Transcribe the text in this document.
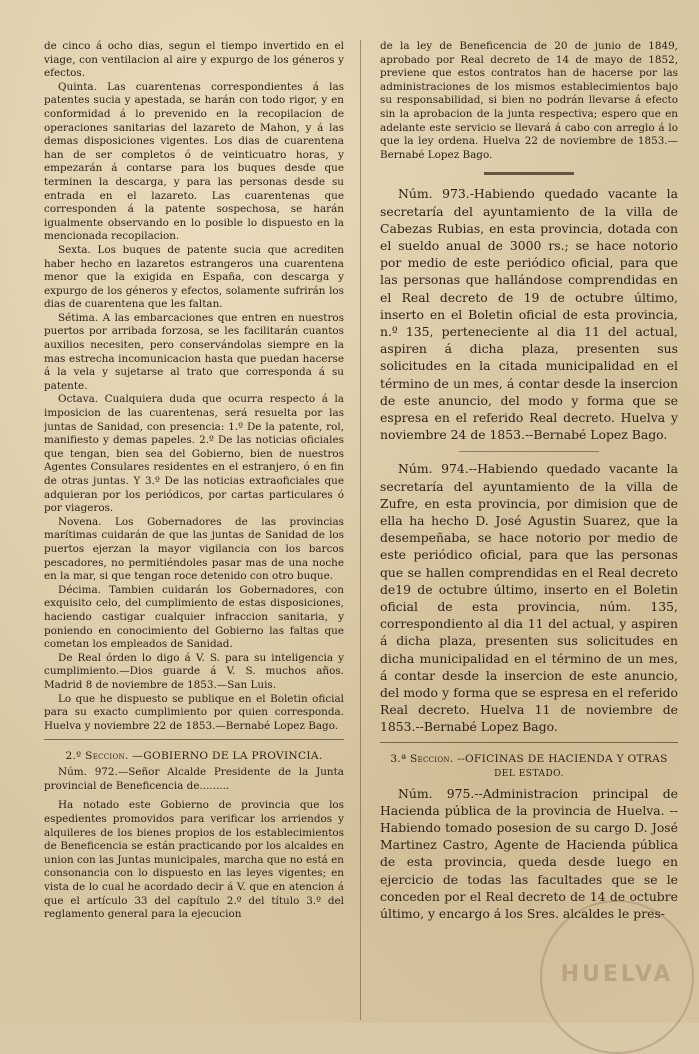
de cinco á ocho dias, segun el tiempo invertido en el viage, con ventilacion al aire y expurgo de los géneros y efectos.

Quinta. Las cuarentenas correspondientes á las patentes sucia y apestada, se harán con todo rigor, y en conformidad á lo prevenido en la recopilacion de operaciones sanitarias del lazareto de Mahon, y á las demas disposiciones vigentes. Los dias de cuarentena han de ser completos ó de veinticuatro horas, y empezarán á contarse para los buques desde que terminen la descarga, y para las personas desde su entrada en el lazareto. Las cuarentenas que corresponden á la patente sospechosa, se harán igualmente observando en lo posible lo dispuesto en la mencionada recopilacion.

Sexta. Los buques de patente sucia que acrediten haber hecho en lazaretos estrangeros una cuarentena menor que la exigida en España, con descarga y expurgo de los géneros y efectos, solamente sufrirán los dias de cuarentena que les faltan.

Sétima. A las embarcaciones que entren en nuestros puertos por arribada forzosa, se les facilitarán cuantos auxilios necesiten, pero conservándolas siempre en la mas estrecha incomunicacion hasta que puedan hacerse á la vela y sujetarse al trato que corresponda á su patente.

Octava. Cualquiera duda que ocurra respecto á la imposicion de las cuarentenas, será resuelta por las juntas de Sanidad, con presencia: 1.º De la patente, rol, manifiesto y demas papeles. 2.º De las noticias oficiales que tengan, bien sea del Gobierno, bien de nuestros Agentes Consulares residentes en el estranjero, ó en fin de otras juntas. Y 3.º De las noticias extraoficiales que adquieran por los periódicos, por cartas particulares ó por viageros.

Novena. Los Gobernadores de las provincias marítimas cuidarán de que las juntas de Sanidad de los puertos ejerzan la mayor vigilancia con los barcos pescadores, no permitiéndoles pasar mas de una noche en la mar, si que tengan roce detenido con otro buque.

Décima. Tambien cuidarán los Gobernadores, con exquisito celo, del cumplimiento de estas disposiciones, haciendo castigar cualquier infraccion sanitaria, y poniendo en conocimiento del Gobierno las faltas que cometan los empleados de Sanidad.

De Real órden lo digo á V. S. para su inteligencia y cumplimiento.—Dios guarde á V. S. muchos años. Madrid 8 de noviembre de 1853.—San Luis.

Lo que he dispuesto se publique en el Boletin oficial para su exacto cumplimiento por quien corresponda. Huelva y noviembre 22 de 1853.—Bernabé Lopez Bago.

2.º Seccion. —GOBIERNO DE LA PROVINCIA.

Núm. 972.—Señor Alcalde Presidente de la Junta provincial de Beneficencia de.........

Ha notado este Gobierno de provincia que los espedientes promovidos para verificar los arriendos y alquileres de los bienes propios de los establecimientos de Beneficencia se están practicando por los alcaldes en union con las Juntas municipales, marcha que no está en consonancia con lo dispuesto en las leyes vigentes; en vista de lo cual he acordado decir á V. que en atencion á que el artículo 33 del capítulo 2.º del título 3.º del reglamento general para la ejecucion

de la ley de Beneficencia de 20 de junio de 1849, aprobado por Real decreto de 14 de mayo de 1852, previene que estos contratos han de hacerse por las administraciones de los mismos establecimientos bajo su responsabilidad, si bien no podrán llevarse á efecto sin la aprobacion de la junta respectiva; espero que en adelante este servicio se llevará á cabo con arreglo á lo que la ley ordena. Huelva 22 de noviembre de 1853.—Bernabé Lopez Bago.

Núm. 973.-Habiendo quedado vacante la secretaría del ayuntamiento de la villa de Cabezas Rubias, en esta provincia, dotada con el sueldo anual de 3000 rs.; se hace notorio por medio de este periódico oficial, para que las personas que hallándose comprendidas en el Real decreto de 19 de octubre último, inserto en el Boletin oficial de esta provincia, n.º 135, perteneciente al dia 11 del actual, aspiren á dicha plaza, presenten sus solicitudes en la citada municipalidad en el término de un mes, á contar desde la insercion de este anuncio, del modo y forma que se espresa en el referido Real decreto. Huelva y noviembre 24 de 1853.--Bernabé Lopez Bago.

Núm. 974.--Habiendo quedado vacante la secretaría del ayuntamiento de la villa de Zufre, en esta provincia, por dimision que de ella ha hecho D. José Agustin Suarez, que la desempeñaba, se hace notorio por medio de este periódico oficial, para que las personas que se hallen comprendidas en el Real decreto de19 de octubre último, inserto en el Boletin oficial de esta provincia, núm. 135, correspondiento al dia 11 del actual, y aspiren á dicha plaza, presenten sus solicitudes en dicha municipalidad en el término de un mes, á contar desde la insercion de este anuncio, del modo y forma que se espresa en el referido Real decreto. Huelva 11 de noviembre de 1853.--Bernabé Lopez Bago.

3.ª Seccion. --OFICINAS DE HACIENDA Y OTRAS
DEL ESTADO.

Núm. 975.--Administracion principal de Hacienda pública de la provincia de Huelva. --Habiendo tomado posesion de su cargo D. José Martinez Castro, Agente de Hacienda pública de esta provincia, queda desde luego en ejercicio de todas las facultades que se le conceden por el Real decreto de 14 de octubre último, y encargo á los Sres. alcaldes le pres-

HUELVA
